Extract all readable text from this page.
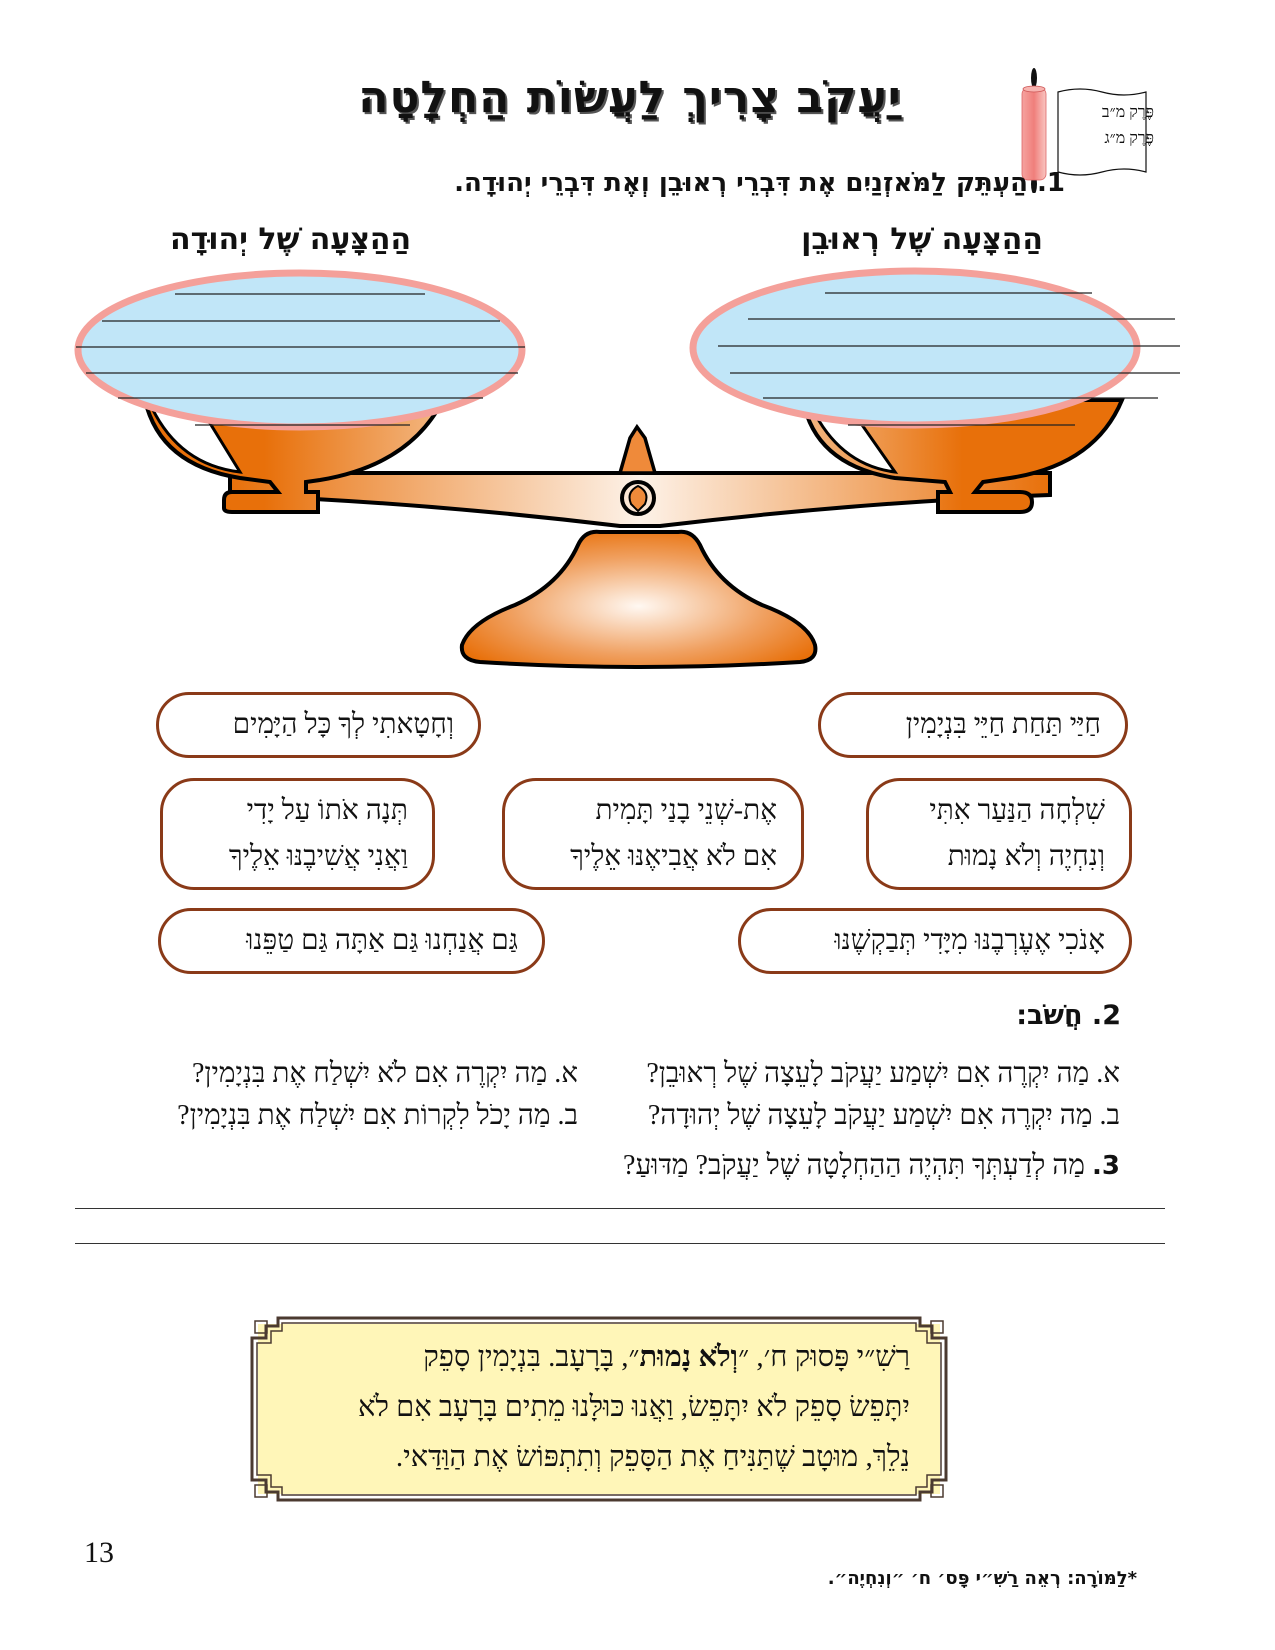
יַעֲקֹב צָרִיךְ לַעֲשׂוֹת הַחְלָטָה	פֶּרֶק מ״ב
פֶּרֶק מ״ג
1. הַעְתֵּק לַמֹּאזְנַיִם אֶת דִּבְרֵי רְאוּבֵן וְאֶת דִּבְרֵי יְהוּדָה.
הַהַצָּעָה שֶׁל רְאוּבֵן
הַהַצָּעָה שֶׁל יְהוּדָה
חַיַּי תַּחַת חַיֵּי בִּנְיָמִין
וְחָטָאתִי לְךָ כָּל הַיָּמִים
שִׁלְחָה הַנַּעַר אִתִּי
וְנִחְיֶה וְלֹא נָמוּת
אֶת-שְׁנֵי בָנַי תָּמִית
אִם לֹא אֲבִיאֶנּוּ אֵלֶיךָ
תְּנָה אֹתוֹ עַל יָדִי
וַאֲנִי אֲשִׁיבֶנּוּ אֵלֶיךָ
אָנֹכִי אֶעֶרְבֶנּוּ מִיָּדִי תְּבַקְשֶׁנּוּ
גַּם אֲנַחְנוּ גַּם אַתָּה גַּם טַפֵּנוּ
2. חֲשֹׁב:
א. מַה יִקְרֶה אִם יִשְׁמַע יַעֲקֹב לָעֵצָה שֶׁל רְאוּבֵן?
ב. מַה יִקְרֶה אִם יִשְׁמַע יַעֲקֹב לָעֵצָה שֶׁל יְהוּדָה?
א. מַה יִקְרֶה אִם לֹא יִשְׁלַח אֶת בִּנְיָמִין?
ב. מַה יָכֹל לִקְרוֹת אִם יִשְׁלַח אֶת בִּנְיָמִין?
3. מַה לְדַעְתְּךָ תִּהְיֶה הַהַחְלָטָה שֶׁל יַעֲקֹב? מַדּוּעַ?
רַשִׁ״י פָּסוּק ח׳, ״וְלֹא נָמוּת״, בָּרָעָב. בִּנְיָמִין סָפֵק
יִתָּפֵשׂ סָפֵק לֹא יִתָּפֵשׂ, וַאֲנוּ כּוּלָּנוּ מֵתִים בָּרָעָב אִם לֹא
נֵלֵךְ, מוּטָב שֶׁתַּנִּיחַ אֶת הַסָּפֵק וְתִתְפּוֹשׂ אֶת הַוַּדַּאי.
13
*לַמּוֹרָה: רְאֵה רַשִׁ״י פָּס׳ ח׳ ״וְנִחְיֶה״.
